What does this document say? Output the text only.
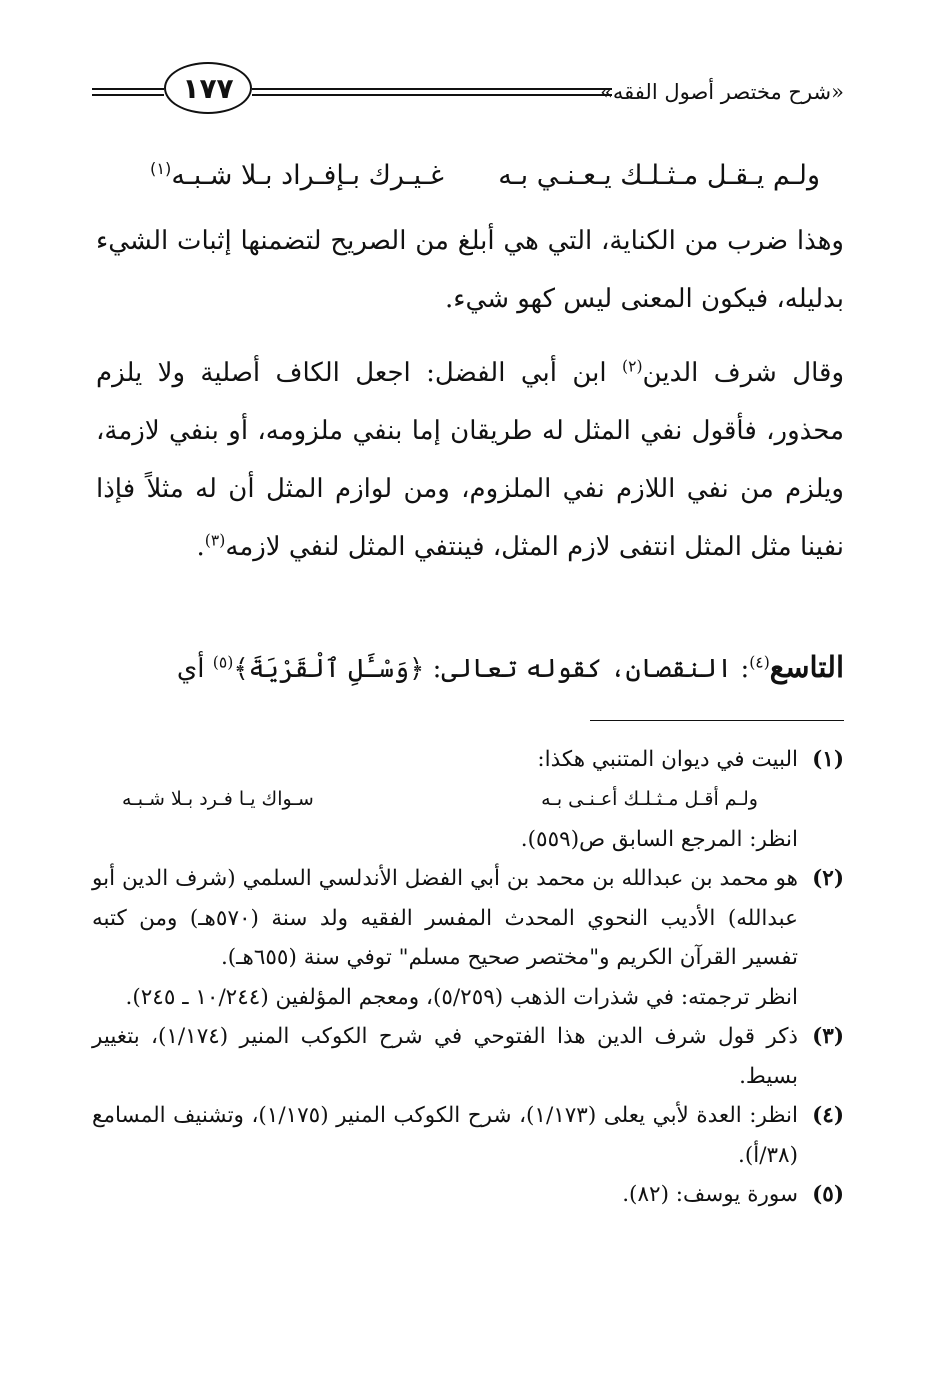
«شرح مختصر أصول الفقه»
١٧٧
ولـم يـقـل مـثـلـك يـعـنـي بـه
غـيـرك بـإفـراد بـلا شـبـه$^{(١)}$
وهذا ضرب من الكناية، التي هي أبلغ من الصريح لتضمنها إثبات الشيء بدليله، فيكون المعنى ليس كهو شيء.
وقال شرف الدين$^{(٢)}$ ابن أبي الفضل: اجعل الكاف أصلية ولا يلزم محذور، فأقول نفي المثل له طريقان إما بنفي ملزومه، أو بنفي لازمة، ويلزم من نفي اللازم نفي الملزوم، ومن لوازم المثل أن له مثلاً فإذا نفينا مثل المثل انتفى لازم المثل، فينتفي المثل لنفي لازمه$^{(٣)}$.
التاسع$^{(٤)}$: النقصان، كقوله تعالى: ﴿وَسْـَٔلِ ٱلْقَرْيَةَ﴾$^{(٥)}$ أي
(١)
البيت في ديوان المتنبي هكذا:
ولـم أقـل مـثـلـك أعـنـى بـه
سـواك يـا فـرد بـلا شـبـه
انظر: المرجع السابق ص(٥٥٩).
(٢)
هو محمد بن عبدالله بن محمد بن أبي الفضل الأندلسي السلمي (شرف الدين أبو عبدالله) الأديب النحوي المحدث المفسر الفقيه ولد سنة (٥٧٠هـ) ومن كتبه تفسير القرآن الكريم و"مختصر صحيح مسلم" توفي سنة (٦٥٥هـ).
انظر ترجمته: في شذرات الذهب (٥/٢٥٩)، ومعجم المؤلفين (١٠/٢٤٤ ـ ٢٤٥).
(٣)
ذكر قول شرف الدين هذا الفتوحي في شرح الكوكب المنير (١/١٧٤)، بتغيير بسيط.
(٤)
انظر: العدة لأبي يعلى (١/١٧٣)، شرح الكوكب المنير (١/١٧٥)، وتشنيف المسامع (٣٨/أ).
(٥)
سورة يوسف: (٨٢).
